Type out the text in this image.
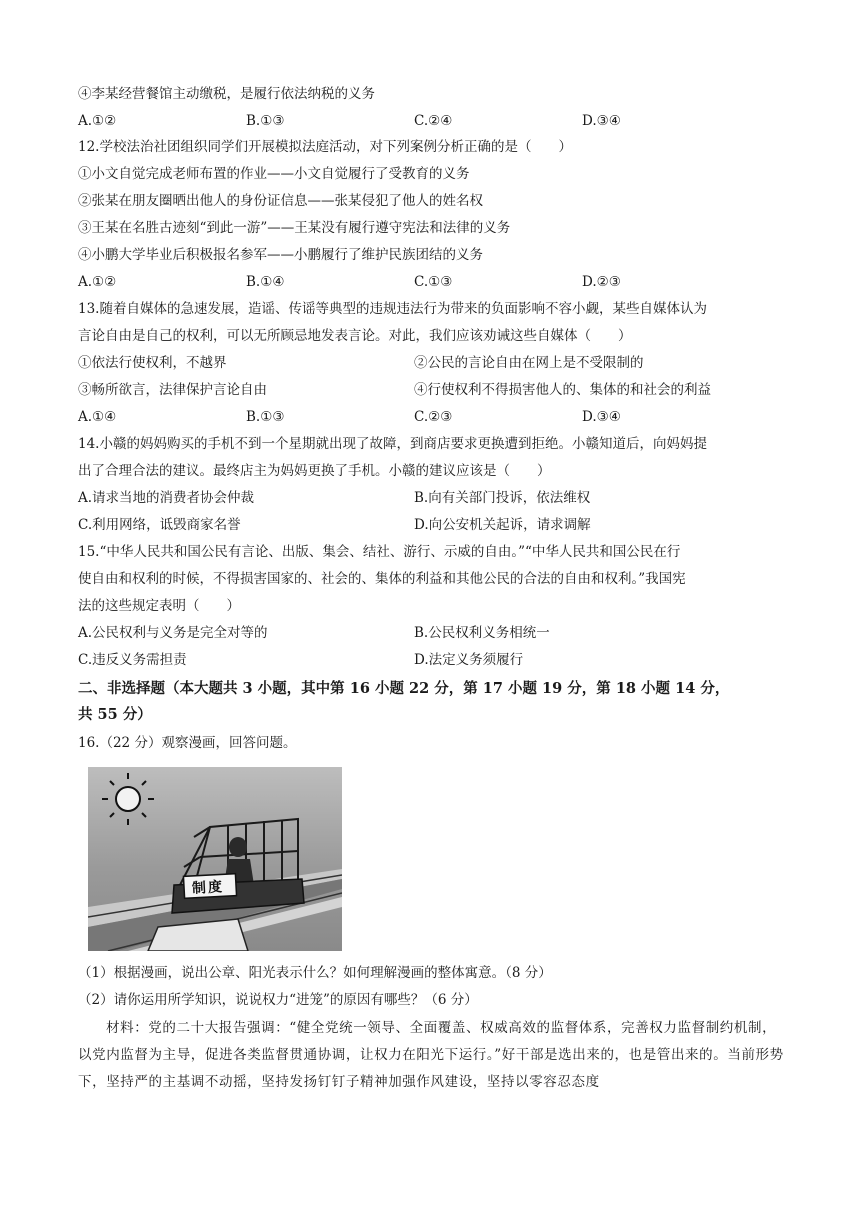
④李某经营餐馆主动缴税，是履行依法纳税的义务
A.①②	B.①③	C.②④	D.③④
12.学校法治社团组织同学们开展模拟法庭活动，对下列案例分析正确的是（　　）
①小文自觉完成老师布置的作业——小文自觉履行了受教育的义务
②张某在朋友圈晒出他人的身份证信息——张某侵犯了他人的姓名权
③王某在名胜古迹刻“到此一游”——王某没有履行遵守宪法和法律的义务
④小鹏大学毕业后积极报名参军——小鹏履行了维护民族团结的义务
A.①②	B.①④	C.①③	D.②③
13.随着自媒体的急速发展，造谣、传谣等典型的违规违法行为带来的负面影响不容小觑，某些自媒体认为
言论自由是自己的权利，可以无所顾忌地发表言论。对此，我们应该劝诫这些自媒体（　　）
①依法行使权利，不越界	②公民的言论自由在网上是不受限制的
③畅所欲言，法律保护言论自由	④行使权利不得损害他人的、集体的和社会的利益
A.①④	B.①③	C.②③	D.③④
14.小赣的妈妈购买的手机不到一个星期就出现了故障，到商店要求更换遭到拒绝。小赣知道后，向妈妈提
出了合理合法的建议。最终店主为妈妈更换了手机。小赣的建议应该是（　　）
A.请求当地的消费者协会仲裁	B.向有关部门投诉，依法维权
C.利用网络，诋毁商家名誉	D.向公安机关起诉，请求调解
15.“中华人民共和国公民有言论、出版、集会、结社、游行、示威的自由。”“中华人民共和国公民在行
使自由和权利的时候，不得损害国家的、社会的、集体的利益和其他公民的合法的自由和权利。”我国宪
法的这些规定表明（　　）
A.公民权利与义务是完全对等的	B.公民权利义务相统一
C.违反义务需担责	D.法定义务须履行
二、非选择题（本大题共 3 小题，其中第 16 小题 22 分，第 17 小题 19 分，第 18 小题 14 分，
共 55 分）
16.（22 分）观察漫画，回答问题。
制度
（1）根据漫画，说出公章、阳光表示什么？如何理解漫画的整体寓意。（8 分）
（2）请你运用所学知识，说说权力“进笼”的原因有哪些？（6 分）
材料：党的二十大报告强调：“健全党统一领导、全面覆盖、权威高效的监督体系，完善权力监督制约机制，以党内监督为主导，促进各类监督贯通协调，让权力在阳光下运行。”好干部是选出来的，也是管出来的。当前形势下，坚持严的主基调不动摇，坚持发扬钉钉子精神加强作风建设，坚持以零容忍态度
